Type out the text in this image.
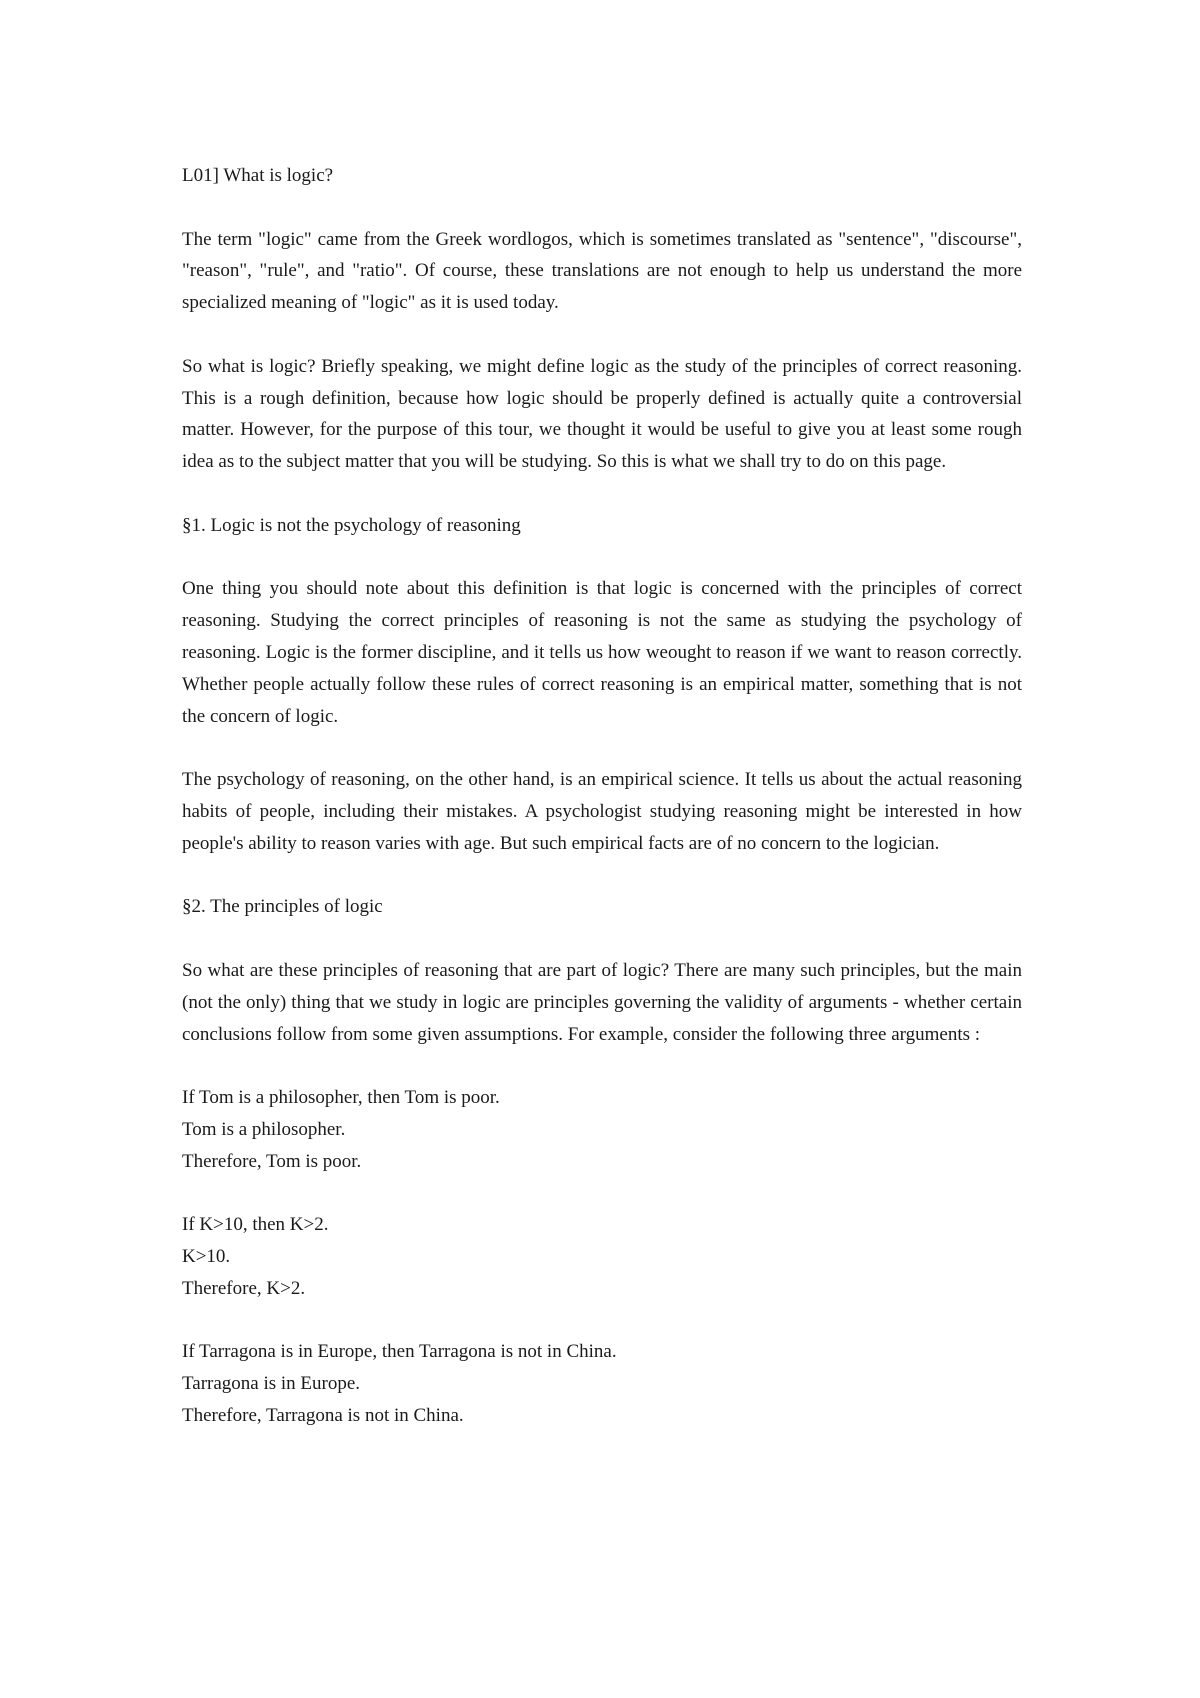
L01] What is logic?

The term "logic" came from the Greek wordlogos, which is sometimes translated as "sentence", "discourse", "reason", "rule", and "ratio". Of course, these translations are not enough to help us understand the more specialized meaning of "logic" as it is used today.

So what is logic? Briefly speaking, we might define logic as the study of the principles of correct reasoning. This is a rough definition, because how logic should be properly defined is actually quite a controversial matter. However, for the purpose of this tour, we thought it would be useful to give you at least some rough idea as to the subject matter that you will be studying. So this is what we shall try to do on this page.

§1. Logic is not the psychology of reasoning

One thing you should note about this definition is that logic is concerned with the principles of correct reasoning. Studying the correct principles of reasoning is not the same as studying the psychology of reasoning. Logic is the former discipline, and it tells us how weought to reason if we want to reason correctly. Whether people actually follow these rules of correct reasoning is an empirical matter, something that is not the concern of logic.

The psychology of reasoning, on the other hand, is an empirical science. It tells us about the actual reasoning habits of people, including their mistakes. A psychologist studying reasoning might be interested in how people's ability to reason varies with age. But such empirical facts are of no concern to the logician.

§2. The principles of logic

So what are these principles of reasoning that are part of logic? There are many such principles, but the main (not the only) thing that we study in logic are principles governing the validity of arguments - whether certain conclusions follow from some given assumptions. For example, consider the following three arguments :

If Tom is a philosopher, then Tom is poor.
Tom is a philosopher.
Therefore, Tom is poor.
If K>10, then K>2.
K>10.
Therefore, K>2.
If Tarragona is in Europe, then Tarragona is not in China.
Tarragona is in Europe.
Therefore, Tarragona is not in China.
